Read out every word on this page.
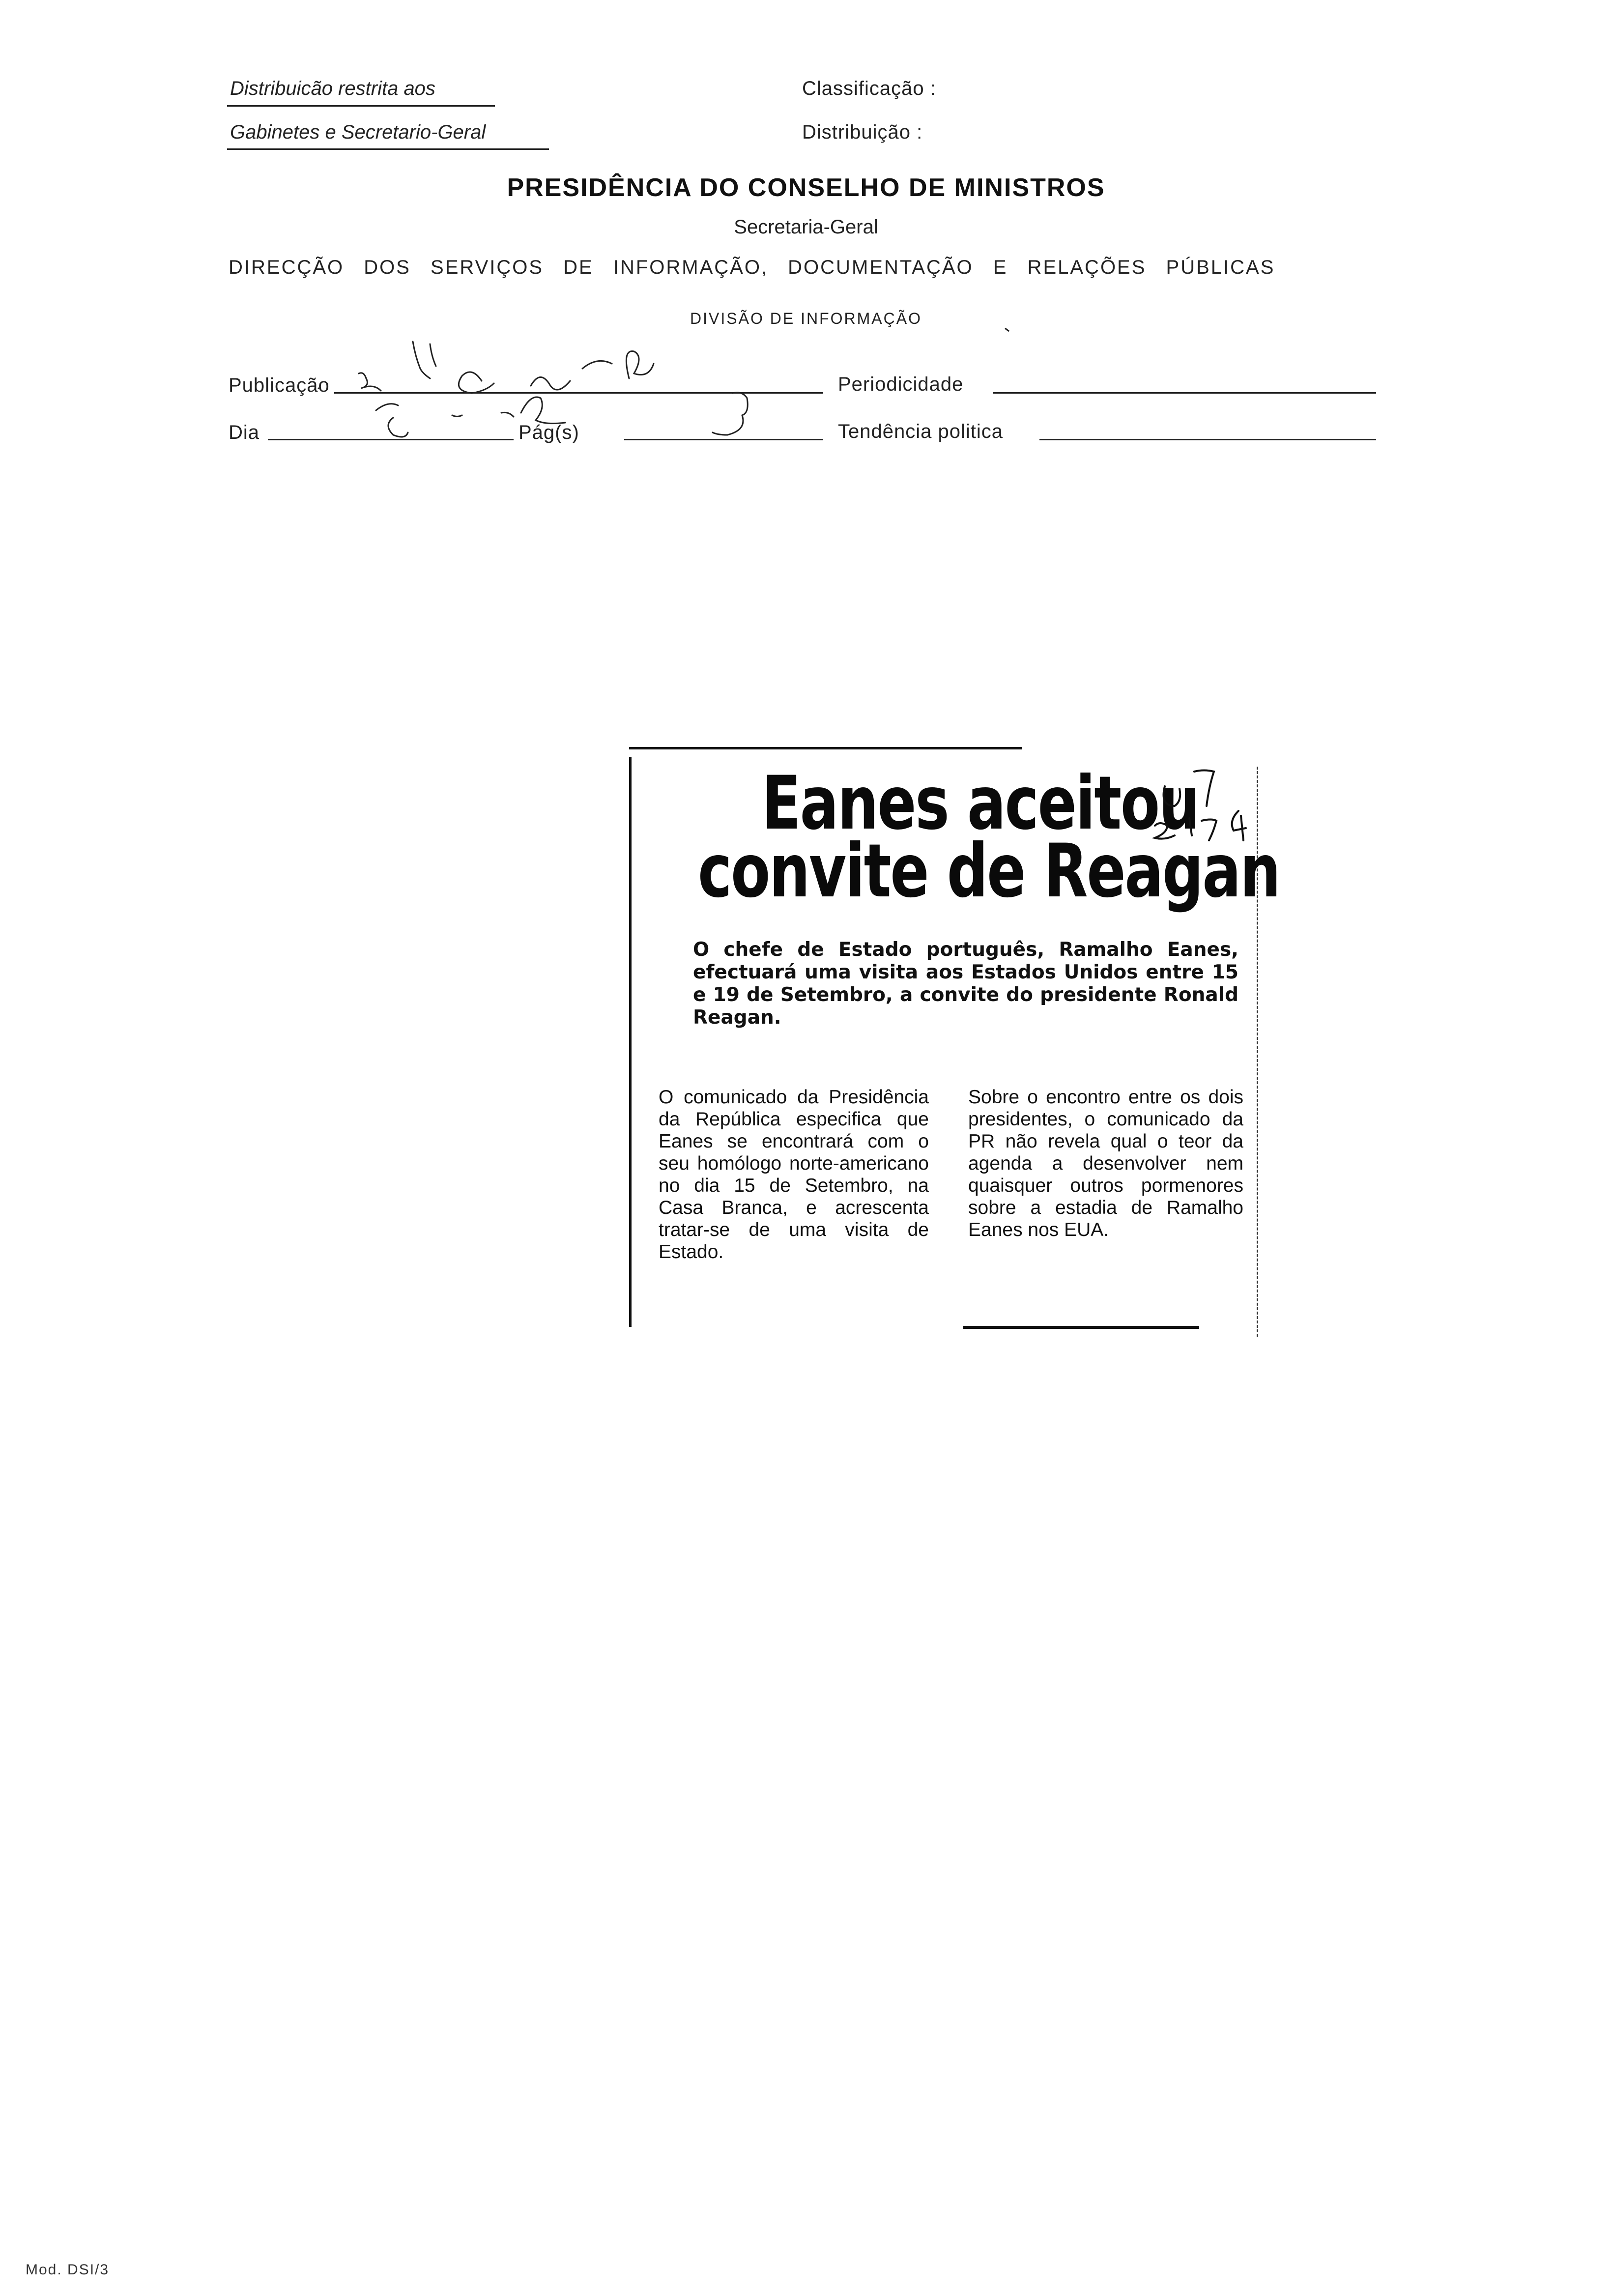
Distribuicão restrita aos
Gabinetes e Secretario-Geral
Classificação :
Distribuição :
PRESIDÊNCIA DO CONSELHO DE MINISTROS
Secretaria-Geral
DIRECÇÃO DOS SERVIÇOS DE INFORMAÇÃO, DOCUMENTAÇÃO E RELAÇÕES PÚBLICAS
DIVISÃO DE INFORMAÇÃO
Publicação	Periodicidade
Dia	Pág(s)	Tendência politica
Eanes aceitou
convite de Reagan
O chefe de Estado português, Ramalho Eanes, efectuará uma visita aos Estados Unidos entre 15 e 19 de Setembro, a convite do presidente Ronald Reagan.
O comunicado da Presidência da República especifica que Eanes se encontrará com o seu homólogo norte-americano no dia 15 de Setembro, na Casa Branca, e acrescenta tratar-se de uma visita de Estado.
Sobre o encontro entre os dois presidentes, o comunicado da PR não revela qual o teor da agenda a desenvolver nem quaisquer outros pormenores sobre a estadia de Ramalho Eanes nos EUA.
Mod. DSI/3
